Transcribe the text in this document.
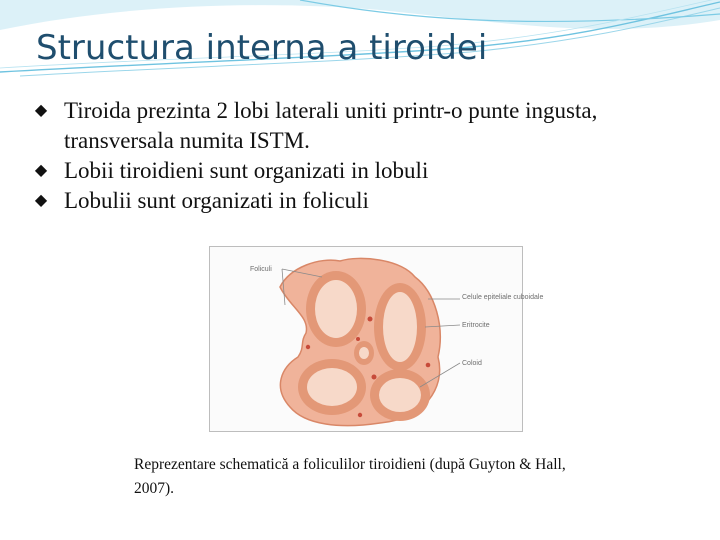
Structura interna a tiroidei
◆ Tiroida prezinta 2 lobi laterali uniti printr-o punte ingusta, transversala numita ISTM.
◆ Lobii tiroidieni sunt organizati in lobuli
◆ Lobulii sunt organizati in foliculi
Foliculi
Celule epiteliale cuboidale
Eritrocite
Coloid
Reprezentare schematică a foliculilor tiroidieni (după Guyton & Hall, 2007).
